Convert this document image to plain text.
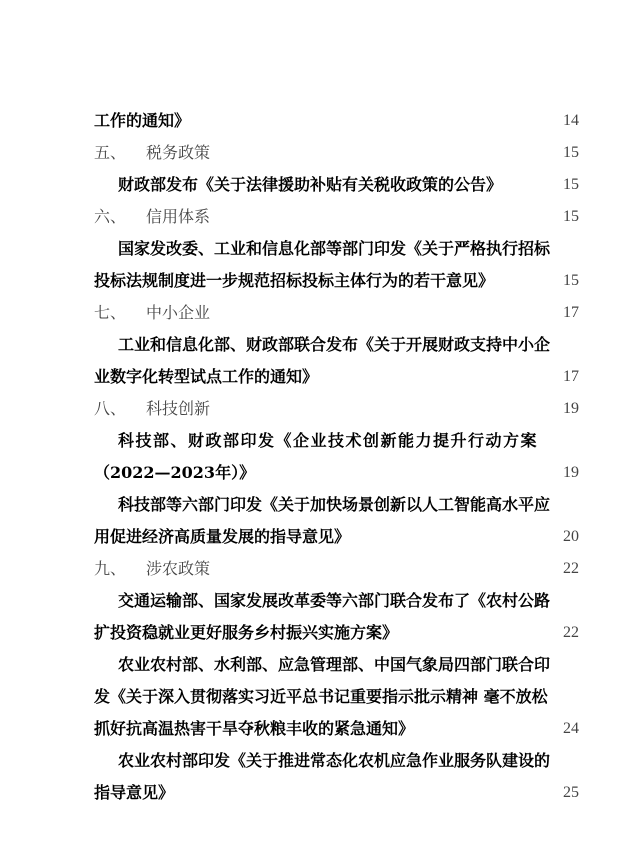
工作的通知》	14
五、 税务政策	15
财政部发布《关于法律援助补贴有关税收政策的公告》	15
六、 信用体系	15
国家发改委、工业和信息化部等部门印发《关于严格执行招标
投标法规制度进一步规范招标投标主体行为的若干意见》	15
七、 中小企业	17
工业和信息化部、财政部联合发布《关于开展财政支持中小企
业数字化转型试点工作的通知》	17
八、 科技创新	19
科技部、财政部印发《企业技术创新能力提升行动方案
（2022—2023年）》	19
科技部等六部门印发《关于加快场景创新以人工智能高水平应
用促进经济高质量发展的指导意见》	20
九、 涉农政策	22
交通运输部、国家发展改革委等六部门联合发布了《农村公路
扩投资稳就业更好服务乡村振兴实施方案》	22
农业农村部、水利部、应急管理部、中国气象局四部门联合印
发《关于深入贯彻落实习近平总书记重要指示批示精神 毫不放松
抓好抗高温热害干旱夺秋粮丰收的紧急通知》	24
农业农村部印发《关于推进常态化农机应急作业服务队建设的
指导意见》	25
